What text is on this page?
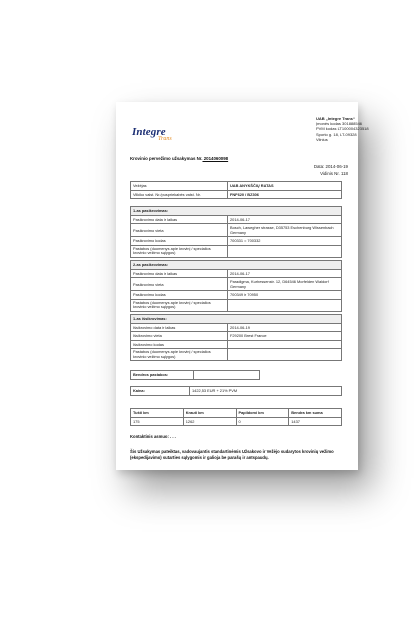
Integre
Trans
UAB „Integre Trans“
Įmonės kodas 301888546
PVM kodas LT100004323518
Sporto g. 18, LT-09328
Vilnius
Krovinio pervežimo užsakymas Nr. 2014060098
Data: 2014-06-19
Vidinis Nr. 118
Vežėjas	UAB ANYKŠČIŲ RATAS
Vilkiko valst. Nr./puspriekabės valst. Nr.	FNF620 / BZ306
1-as pasikrovimas:	
Pasikrovimo data ir laikas	2014-06-17
Pasikrovimo vieta	Bosch, Lawegher strasse, D35753 Eschenburg Wissenbach Germany
Pasikrovimo kodas	700331 = 700332
Pastabos (duomenys apie krovinį / specialios krovinio vežimo sąlygos)	
2-as pasikrovimas:	
Pasikrovimo data ir laikas	2014-06-17
Pasikrovimo vieta	Paradigma, Kurhessenstr. 12, D64546 Morfelden Waldorf Germany
Pasikrovimo kodas	700349 ir 70950
Pastabos (duomenys apie krovinį / specialios krovinio vežimo sąlygos)	
1-as išsikrovimas:	
Išsikrovimo data ir laikas	2014-06-19
Išsikrovimo vieta	F29200 Brest France
Išsikrovimo kodas	
Pastabos (duomenys apie krovinį / specialios krovinio vežimo sąlygos)	
Bendros pastabos:	
Kaina:	1422,53 EUR + 21% PVM
Tušti km	Krauti km	Papildomi km	Bendra km suma
175	1262	0	1437
Kontaktinis asmuo: . . .
Šis Užsakymas pateiktas, vadovaujantis standartinėmis Užsakovo ir Vežėjo sudarytos krovinių vežimo (ekspedijavimo) sutarties sąlygomis ir galioja be parašų ir antspaudų.
